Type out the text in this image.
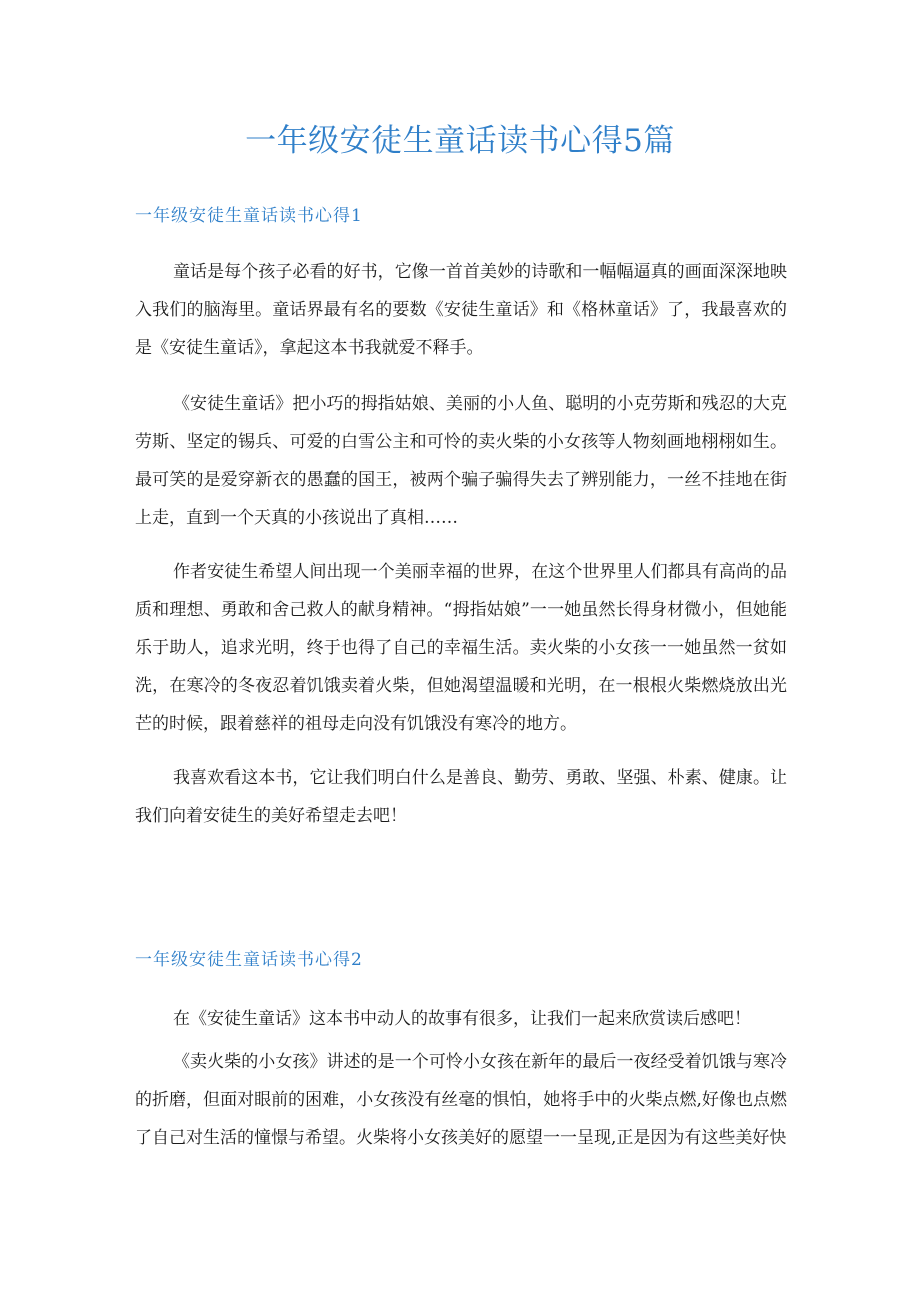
一年级安徒生童话读书心得5篇
一年级安徒生童话读书心得1

童话是每个孩子必看的好书，它像一首首美妙的诗歌和一幅幅逼真的画面深深地映入我们的脑海里。童话界最有名的要数《安徒生童话》和《格林童话》了，我最喜欢的是《安徒生童话》，拿起这本书我就爱不释手。

《安徒生童话》把小巧的拇指姑娘、美丽的小人鱼、聪明的小克劳斯和残忍的大克劳斯、坚定的锡兵、可爱的白雪公主和可怜的卖火柴的小女孩等人物刻画地栩栩如生。最可笑的是爱穿新衣的愚蠢的国王，被两个骗子骗得失去了辨别能力，一丝不挂地在街上走，直到一个天真的小孩说出了真相……

作者安徒生希望人间出现一个美丽幸福的世界，在这个世界里人们都具有高尚的品质和理想、勇敢和舍己救人的献身精神。“拇指姑娘”一一她虽然长得身材微小，但她能乐于助人，追求光明，终于也得了自己的幸福生活。卖火柴的小女孩一一她虽然一贫如洗，在寒冷的冬夜忍着饥饿卖着火柴，但她渴望温暖和光明，在一根根火柴燃烧放出光芒的时候，跟着慈祥的祖母走向没有饥饿没有寒冷的地方。

我喜欢看这本书，它让我们明白什么是善良、勤劳、勇敢、坚强、朴素、健康。让我们向着安徒生的美好希望走去吧！

一年级安徒生童话读书心得2

在《安徒生童话》这本书中动人的故事有很多，让我们一起来欣赏读后感吧！

《卖火柴的小女孩》讲述的是一个可怜小女孩在新年的最后一夜经受着饥饿与寒冷的折磨，但面对眼前的困难，小女孩没有丝毫的惧怕，她将手中的火柴点燃,好像也点燃了自己对生活的憧憬与希望。火柴将小女孩美好的愿望一一呈现,正是因为有这些美好快
